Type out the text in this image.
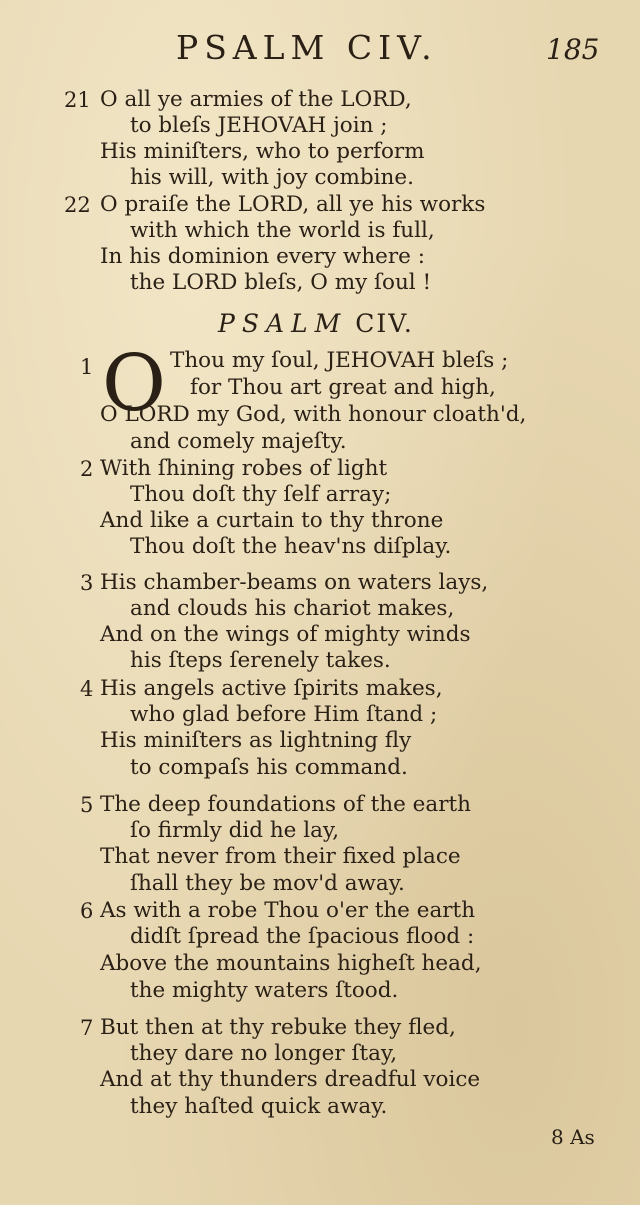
PSALM CIV.	185
21 O all ye armies of the LORD,
to bleſs JEHOVAH join ;
His miniſters, who to perform
his will, with joy combine.
22 O praiſe the LORD, all ye his works
with which the world is full,
In his dominion every where :
the LORD bleſs, O my ſoul !
PSALM CIV.
1 O Thou my ſoul, JEHOVAH bleſs ;
for Thou art great and high,
O LORD my God, with honour cloath'd,
and comely majeſty.
2 With ſhining robes of light
Thou doſt thy ſelf array;
And like a curtain to thy throne
Thou doſt the heav'ns diſplay.
3 His chamber-beams on waters lays,
and clouds his chariot makes,
And on the wings of mighty winds
his ſteps ſerenely takes.
4 His angels active ſpirits makes,
who glad before Him ſtand ;
His miniſters as lightning fly
to compaſs his command.
5 The deep foundations of the earth
ſo firmly did he lay,
That never from their fixed place
ſhall they be mov'd away.
6 As with a robe Thou o'er the earth
didſt ſpread the ſpacious flood :
Above the mountains higheſt head,
the mighty waters ſtood.
7 But then at thy rebuke they fled,
they dare no longer ſtay,
And at thy thunders dreadful voice
they haſted quick away.
8 As
